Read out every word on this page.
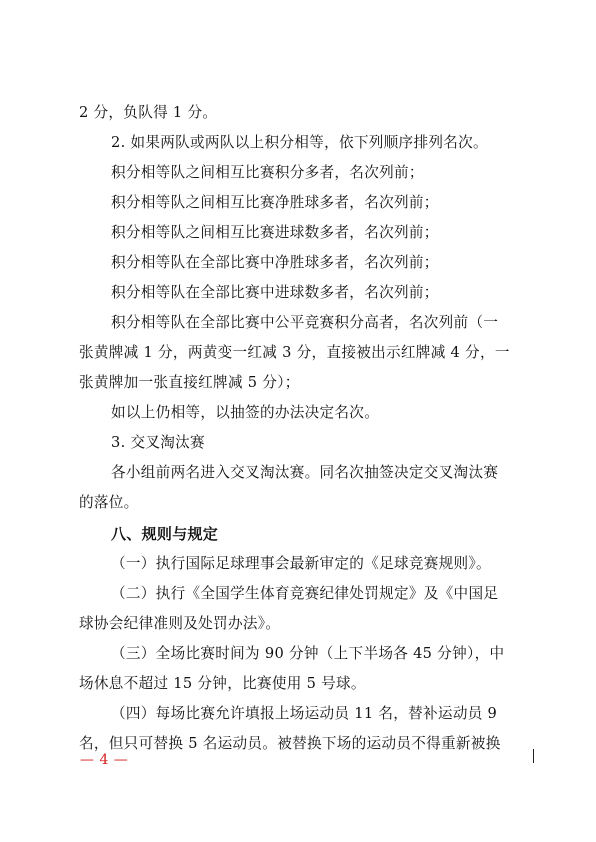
2 分，负队得 1 分。
2. 如果两队或两队以上积分相等，依下列顺序排列名次。
积分相等队之间相互比赛积分多者，名次列前；
积分相等队之间相互比赛净胜球多者，名次列前；
积分相等队之间相互比赛进球数多者，名次列前；
积分相等队在全部比赛中净胜球多者，名次列前；
积分相等队在全部比赛中进球数多者，名次列前；
积分相等队在全部比赛中公平竞赛积分高者，名次列前（一
张黄牌减 1 分，两黄变一红减 3 分，直接被出示红牌减 4 分，一
张黄牌加一张直接红牌减 5 分）；
如以上仍相等，以抽签的办法决定名次。
3. 交叉淘汰赛
各小组前两名进入交叉淘汰赛。同名次抽签决定交叉淘汰赛
的落位。
八、规则与规定
（一）执行国际足球理事会最新审定的《足球竞赛规则》。
（二）执行《全国学生体育竞赛纪律处罚规定》及《中国足
球协会纪律准则及处罚办法》。
（三）全场比赛时间为 90 分钟（上下半场各 45 分钟），中
场休息不超过 15 分钟，比赛使用 5 号球。
（四）每场比赛允许填报上场运动员 11 名，替补运动员 9
名，但只可替换 5 名运动员。被替换下场的运动员不得重新被换
— 4 —
